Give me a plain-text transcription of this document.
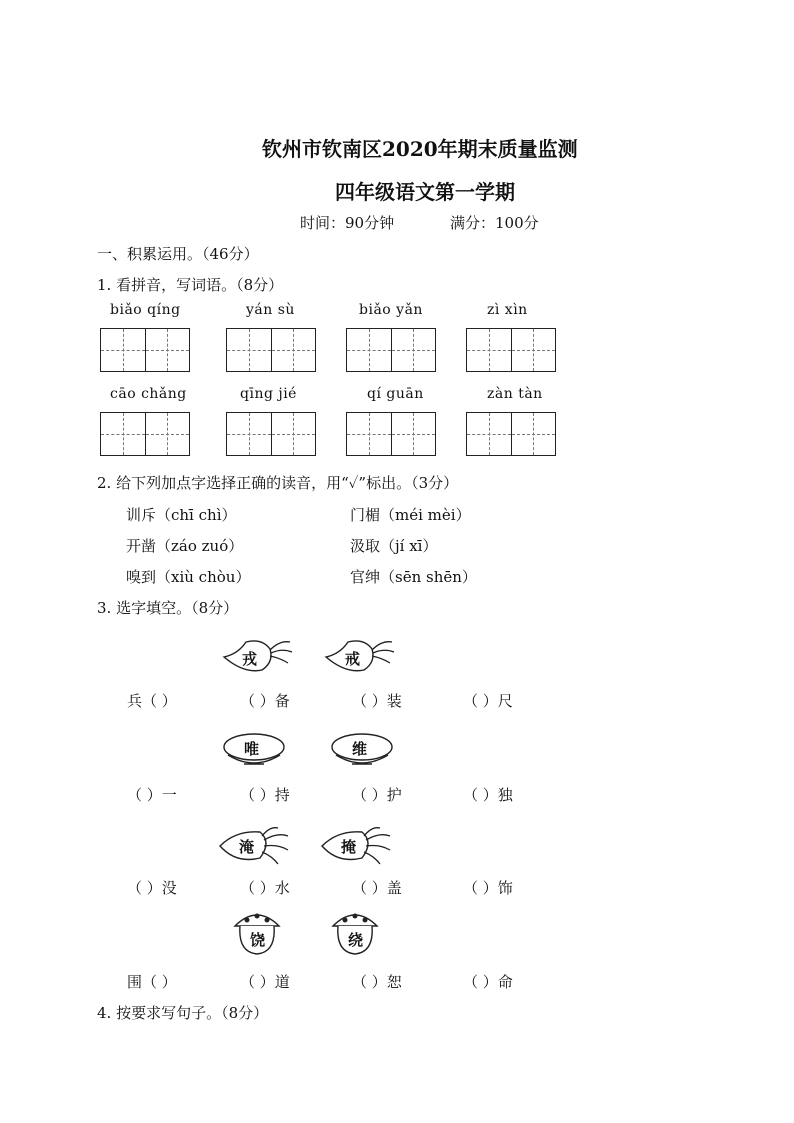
钦州市钦南区2020年期末质量监测
四年级语文第一学期
时间：90分钟	满分：100分
一、积累运用。（46分）
1. 看拼音，写词语。（8分）
biǎo qíng	yán sù	biǎo yǎn	zì xìn
cāo chǎng	qīng jié	qí guān	zàn tàn
2. 给下列加点字选择正确的读音，用“✓”标出。（3分）
训斥（chī chì）	门楣（méi mèi）
开凿（záo zuó）	汲取（jí xī）
嗅到（xiù chòu）	官绅（sēn shēn）
3. 选字填空。（8分）
戎	戒
兵（ ）	（ ）备	（ ）装	（ ）尺
唯	维
（ ）一	（ ）持	（ ）护	（ ）独
淹	掩
（ ）没	（ ）水	（ ）盖	（ ）饰
饶	绕
围（ ）	（ ）道	（ ）恕	（ ）命
4. 按要求写句子。（8分）
